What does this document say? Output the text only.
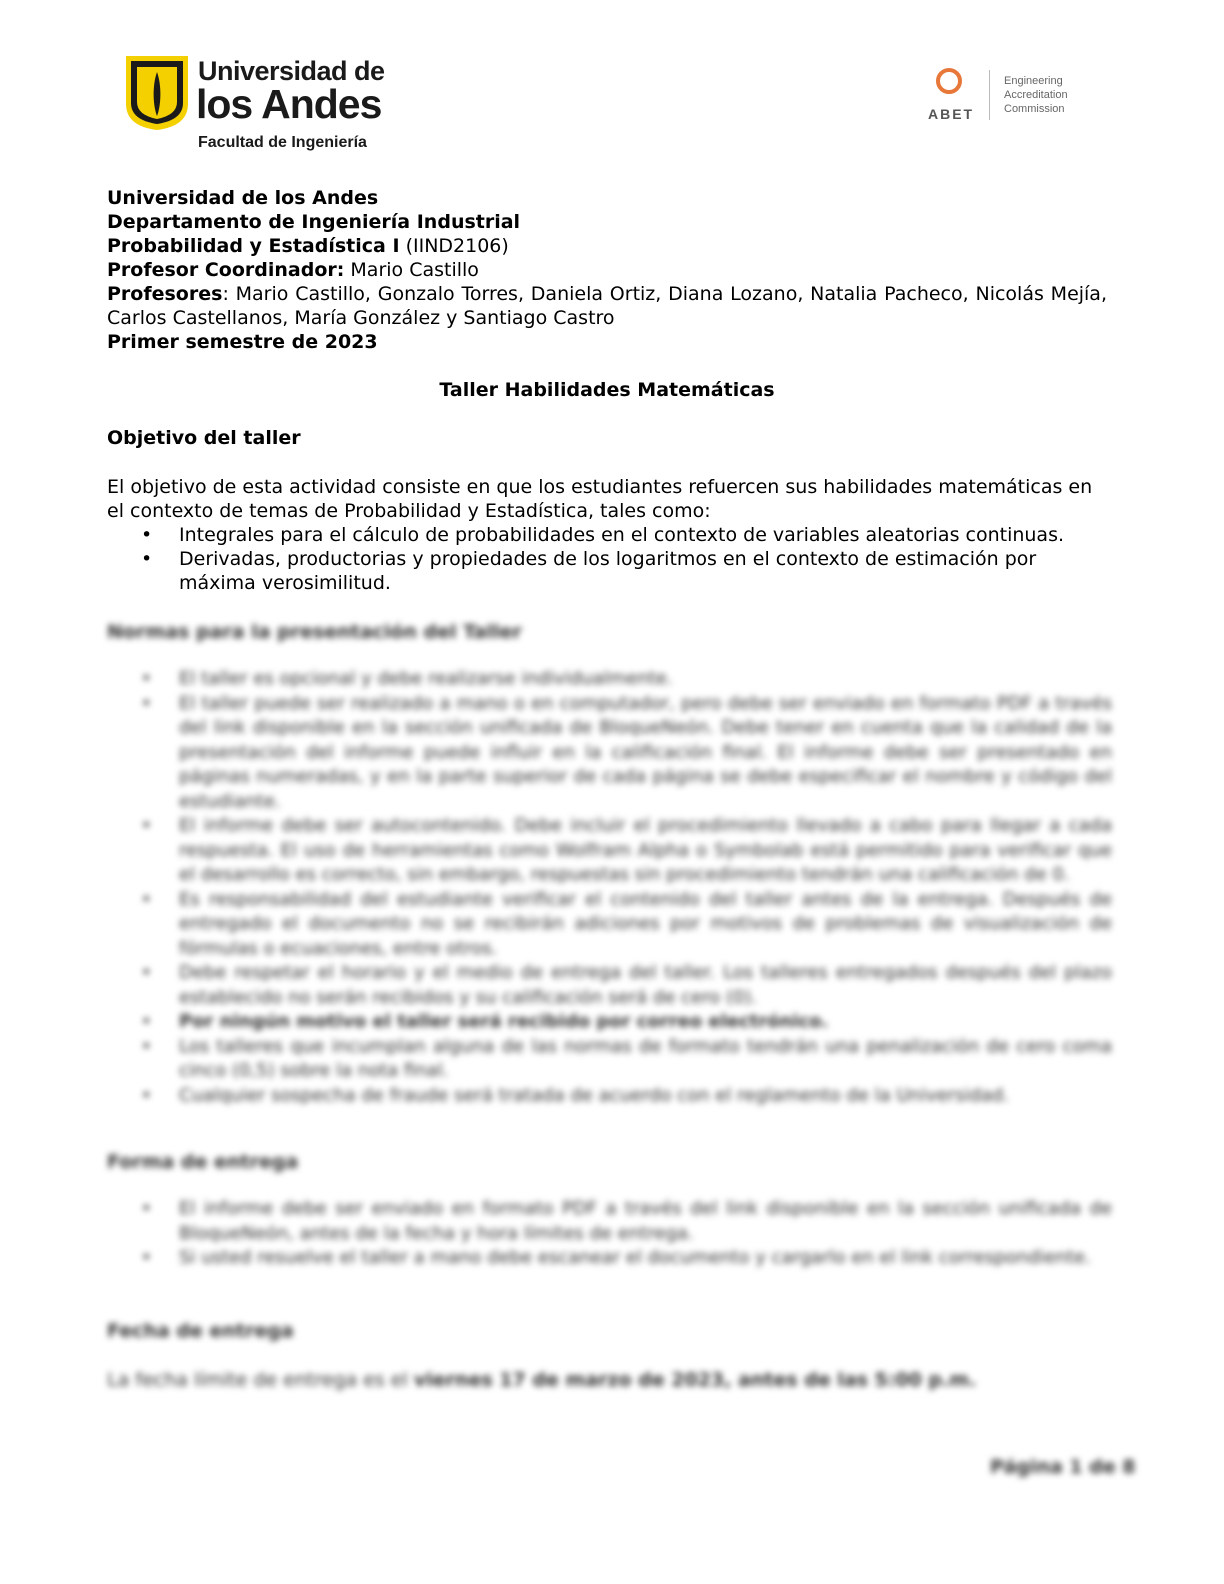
Universidad de
los Andes
Facultad de Ingeniería
ABET
Engineering
Accreditation
Commission
Universidad de los Andes
Departamento de Ingeniería Industrial
Probabilidad y Estadística I (IIND2106)
Profesor Coordinador: Mario Castillo
Profesores: Mario Castillo, Gonzalo Torres, Daniela Ortiz, Diana Lozano, Natalia Pacheco, Nicolás Mejía, Carlos Castellanos, María González y Santiago Castro
Primer semestre de 2023
Taller Habilidades Matemáticas
Objetivo del taller
El objetivo de esta actividad consiste en que los estudiantes refuercen sus habilidades matemáticas en el contexto de temas de Probabilidad y Estadística, tales como:
• Integrales para el cálculo de probabilidades en el contexto de variables aleatorias continuas.
• Derivadas, productorias y propiedades de los logaritmos en el contexto de estimación por máxima verosimilitud.
Normas para la presentación del Taller
• El taller es opcional y debe realizarse individualmente.
• El taller puede ser realizado a mano o en computador, pero debe ser enviado en formato PDF a través del link disponible en la sección unificada de BloqueNeón. Debe tener en cuenta que la calidad de la presentación del informe puede influir en la calificación final. El informe debe ser presentado en páginas numeradas, y en la parte superior de cada página se debe especificar el nombre y código del estudiante.
• El informe debe ser autocontenido. Debe incluir el procedimiento llevado a cabo para llegar a cada respuesta. El uso de herramientas como Wolfram Alpha o Symbolab está permitido para verificar que el desarrollo es correcto, sin embargo, respuestas sin procedimiento tendrán una calificación de 0.
• Es responsabilidad del estudiante verificar el contenido del taller antes de la entrega. Después de entregado el documento no se recibirán adiciones por motivos de problemas de visualización de fórmulas o ecuaciones, entre otros.
• Debe respetar el horario y el medio de entrega del taller. Los talleres entregados después del plazo establecido no serán recibidos y su calificación será de cero (0).
• Por ningún motivo el taller será recibido por correo electrónico.
• Los talleres que incumplan alguna de las normas de formato tendrán una penalización de cero coma cinco (0,5) sobre la nota final.
• Cualquier sospecha de fraude será tratada de acuerdo con el reglamento de la Universidad.
Forma de entrega
• El informe debe ser enviado en formato PDF a través del link disponible en la sección unificada de BloqueNeón, antes de la fecha y hora límites de entrega.
• Si usted resuelve el taller a mano debe escanear el documento y cargarlo en el link correspondiente.
Fecha de entrega
La fecha límite de entrega es el viernes 17 de marzo de 2023, antes de las 5:00 p.m.
Página 1 de 8
